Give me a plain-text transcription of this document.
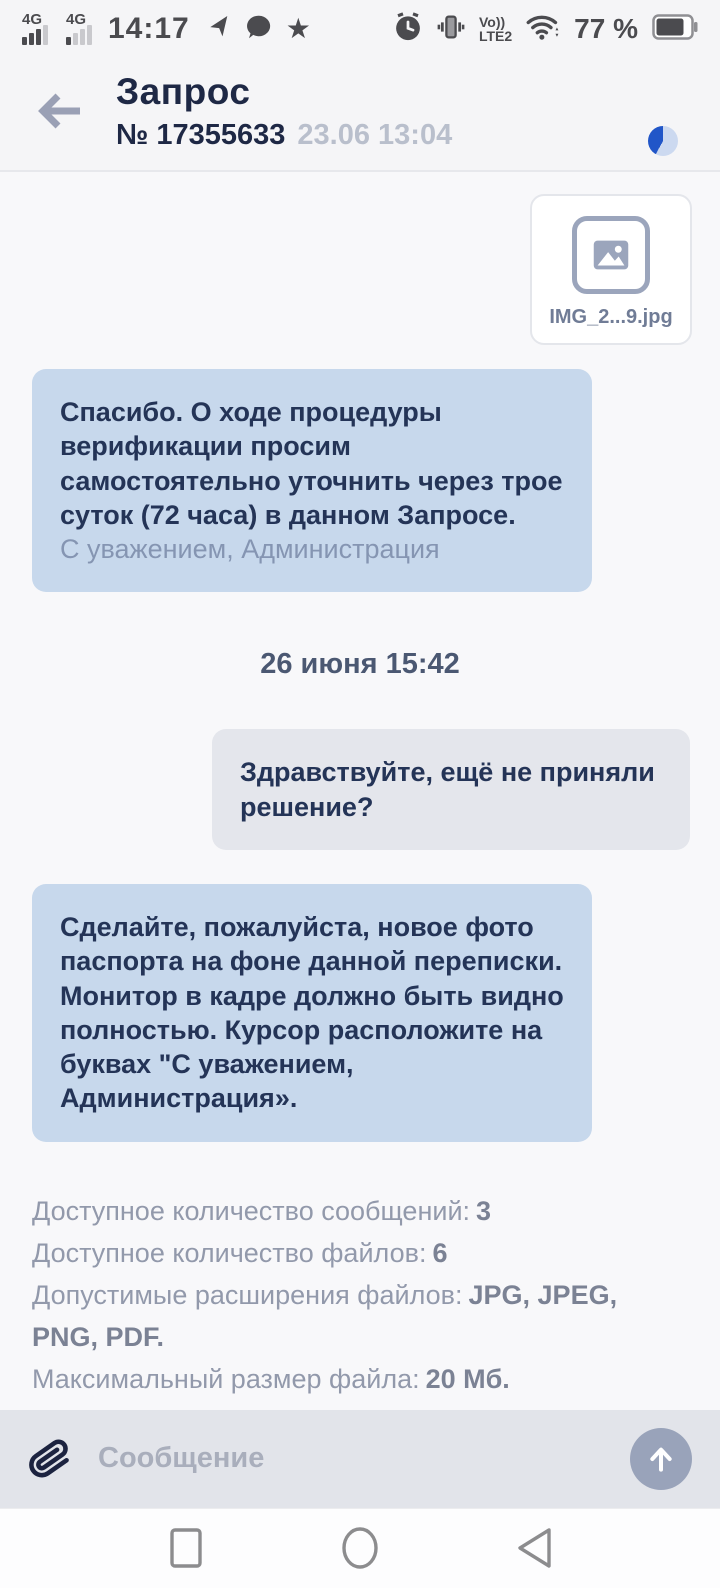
4G 4G 14:17	★	Vo))
LTE2 77 %
Запрос
№ 17355633 23.06 13:04
IMG_2...9.jpg
Спасибо. О ходе процедуры верификации просим самостоятельно уточнить через трое суток (72 часа) в данном Запросе.
С уважением, Администрация
26 июня 15:42
Здравствуйте, ещё не приняли решение?
Сделайте, пожалуйста, новое фото паспорта на фоне данной переписки. Монитор в кадре должно быть видно полностью. Курсор расположите на буквах "С уважением, Администрация».
Доступное количество сообщений: 3
Доступное количество файлов: 6
Допустимые расширения файлов: JPG, JPEG, PNG, PDF.
Максимальный размер файла: 20 Мб.
Сообщение
